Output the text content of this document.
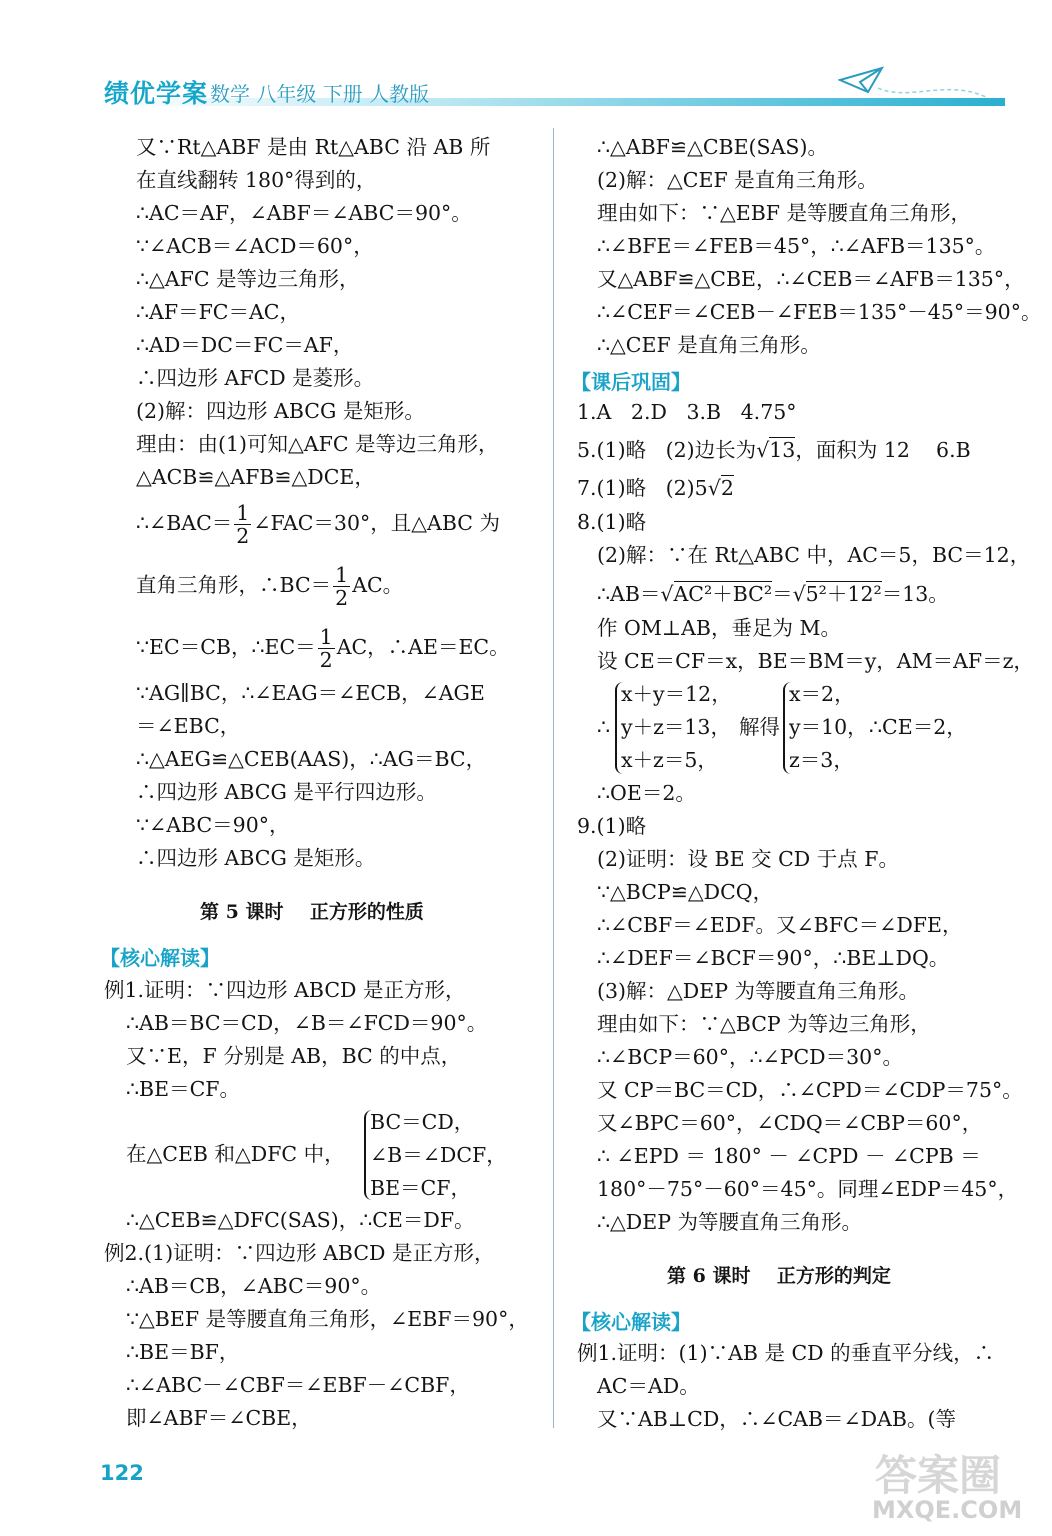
绩优学案 数学 八年级 下册 人教版
又∵Rt△ABF 是由 Rt△ABC 沿 AB 所
在直线翻转 180°得到的，
∴AC＝AF，∠ABF＝∠ABC＝90°。
∵∠ACB＝∠ACD＝60°，
∴△AFC 是等边三角形，
∴AF＝FC＝AC，
∴AD＝DC＝FC＝AF，
∴四边形 AFCD 是菱形。
(2)解：四边形 ABCG 是矩形。
理由：由(1)可知△AFC 是等边三角形，
△ACB≌△AFB≌△DCE，
∴∠BAC＝ $\frac{1}{2}$ ∠FAC＝30°，且△ABC 为
直角三角形，∴BC＝ $\frac{1}{2}$ AC。
∵EC＝CB，∴EC＝ $\frac{1}{2}$ AC，∴AE＝EC。
∵AG∥BC，∴∠EAG＝∠ECB，∠AGE
＝∠EBC，
∴△AEG≌△CEB(AAS)，∴AG＝BC，
∴四边形 ABCG 是平行四边形。
∵∠ABC＝90°，
∴四边形 ABCG 是矩形。
第 5 课时    正方形的性质
【核心解读】
例1.证明：∵四边形 ABCD 是正方形，
∴AB＝BC＝CD，∠B＝∠FCD＝90°。
又∵E，F 分别是 AB，BC 的中点，
∴BE＝CF。
在△CEB 和△DFC 中，
BC＝CD，
∠B＝∠DCF，
BE＝CF，
∴△CEB≌△DFC(SAS)，∴CE＝DF。
例2.(1)证明：∵四边形 ABCD 是正方形，
∴AB＝CB，∠ABC＝90°。
∵△BEF 是等腰直角三角形，∠EBF＝90°，
∴BE＝BF，
∴∠ABC－∠CBF＝∠EBF－∠CBF，
即∠ABF＝∠CBE，
∴△ABF≌△CBE(SAS)。
(2)解：△CEF 是直角三角形。
理由如下：∵△EBF 是等腰直角三角形，
∴∠BFE＝∠FEB＝45°，∴∠AFB＝135°。
又△ABF≌△CBE，∴∠CEB＝∠AFB＝135°，
∴∠CEF＝∠CEB－∠FEB＝135°－45°＝90°。
∴△CEF 是直角三角形。
【课后巩固】
1.A   2.D   3.B   4.75°
5.(1)略   (2)边长为√13，面积为 12    6.B
7.(1)略   (2)5√2
8.(1)略
(2)解：∵在 Rt△ABC 中，AC＝5，BC＝12，
∴AB＝√AC²＋BC²＝√5²＋12²＝13。
作 OM⊥AB，垂足为 M。
设 CE＝CF＝x，BE＝BM＝y，AM＝AF＝z，
∴
x＋y＝12，
y＋z＝13，
x＋z＝5，
解得
x＝2，
y＝10，
z＝3，
∴CE＝2，
∴OE＝2。
9.(1)略
(2)证明：设 BE 交 CD 于点 F。
∵△BCP≌△DCQ，
∴∠CBF＝∠EDF。又∠BFC＝∠DFE，
∴∠DEF＝∠BCF＝90°，∴BE⊥DQ。
(3)解：△DEP 为等腰直角三角形。
理由如下：∵△BCP 为等边三角形，
∴∠BCP＝60°，∴∠PCD＝30°。
又 CP＝BC＝CD，∴∠CPD＝∠CDP＝75°。
又∠BPC＝60°，∠CDQ＝∠CBP＝60°，
∴ ∠EPD ＝ 180° － ∠CPD － ∠CPB ＝
180°－75°－60°＝45°。同理∠EDP＝45°，
∴△DEP 为等腰直角三角形。
第 6 课时    正方形的判定
【核心解读】
例1.证明：(1)∵AB 是 CD 的垂直平分线，∴
AC＝AD。
又∵AB⊥CD，∴∠CAB＝∠DAB。(等
122	答案圈
MXQE.COM
